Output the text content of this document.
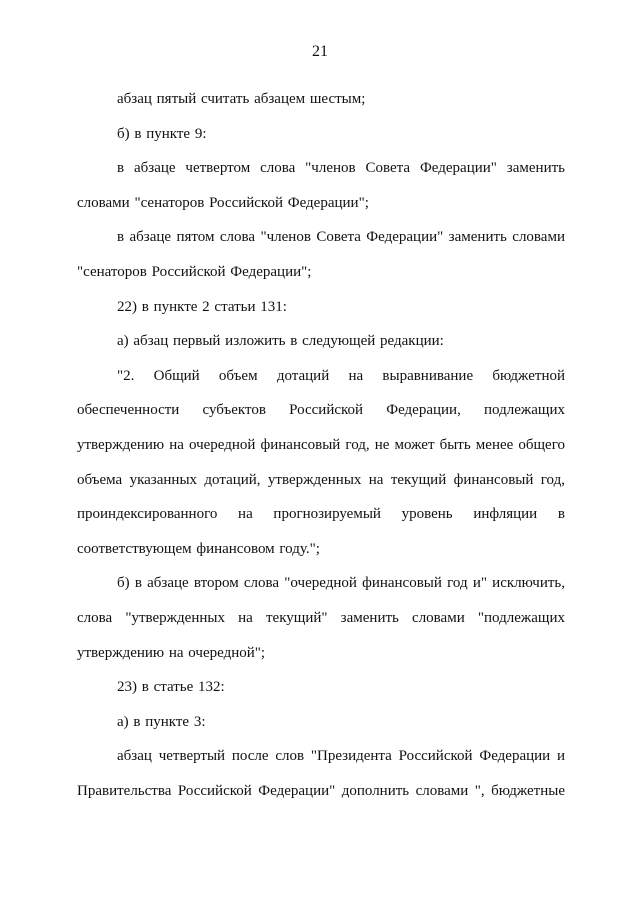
21

абзац пятый считать абзацем шестым;

б) в пункте 9:

в абзаце четвертом слова "членов Совета Федерации" заменить словами "сенаторов Российской Федерации";

в абзаце пятом слова "членов Совета Федерации" заменить словами "сенаторов Российской Федерации";

22) в пункте 2 статьи 131:

а) абзац первый изложить в следующей редакции:

"2. Общий объем дотаций на выравнивание бюджетной обеспеченности субъектов Российской Федерации, подлежащих утверждению на очередной финансовый год, не может быть менее общего объема указанных дотаций, утвержденных на текущий финансовый год, проиндексированного на прогнозируемый уровень инфляции в соответствующем финансовом году.";

б) в абзаце втором слова "очередной финансовый год и" исключить, слова "утвержденных на текущий" заменить словами "подлежащих утверждению на очередной";

23) в статье 132:

а) в пункте 3:

абзац четвертый после слов "Президента Российской Федерации и Правительства Российской Федерации" дополнить словами ", бюджетные
